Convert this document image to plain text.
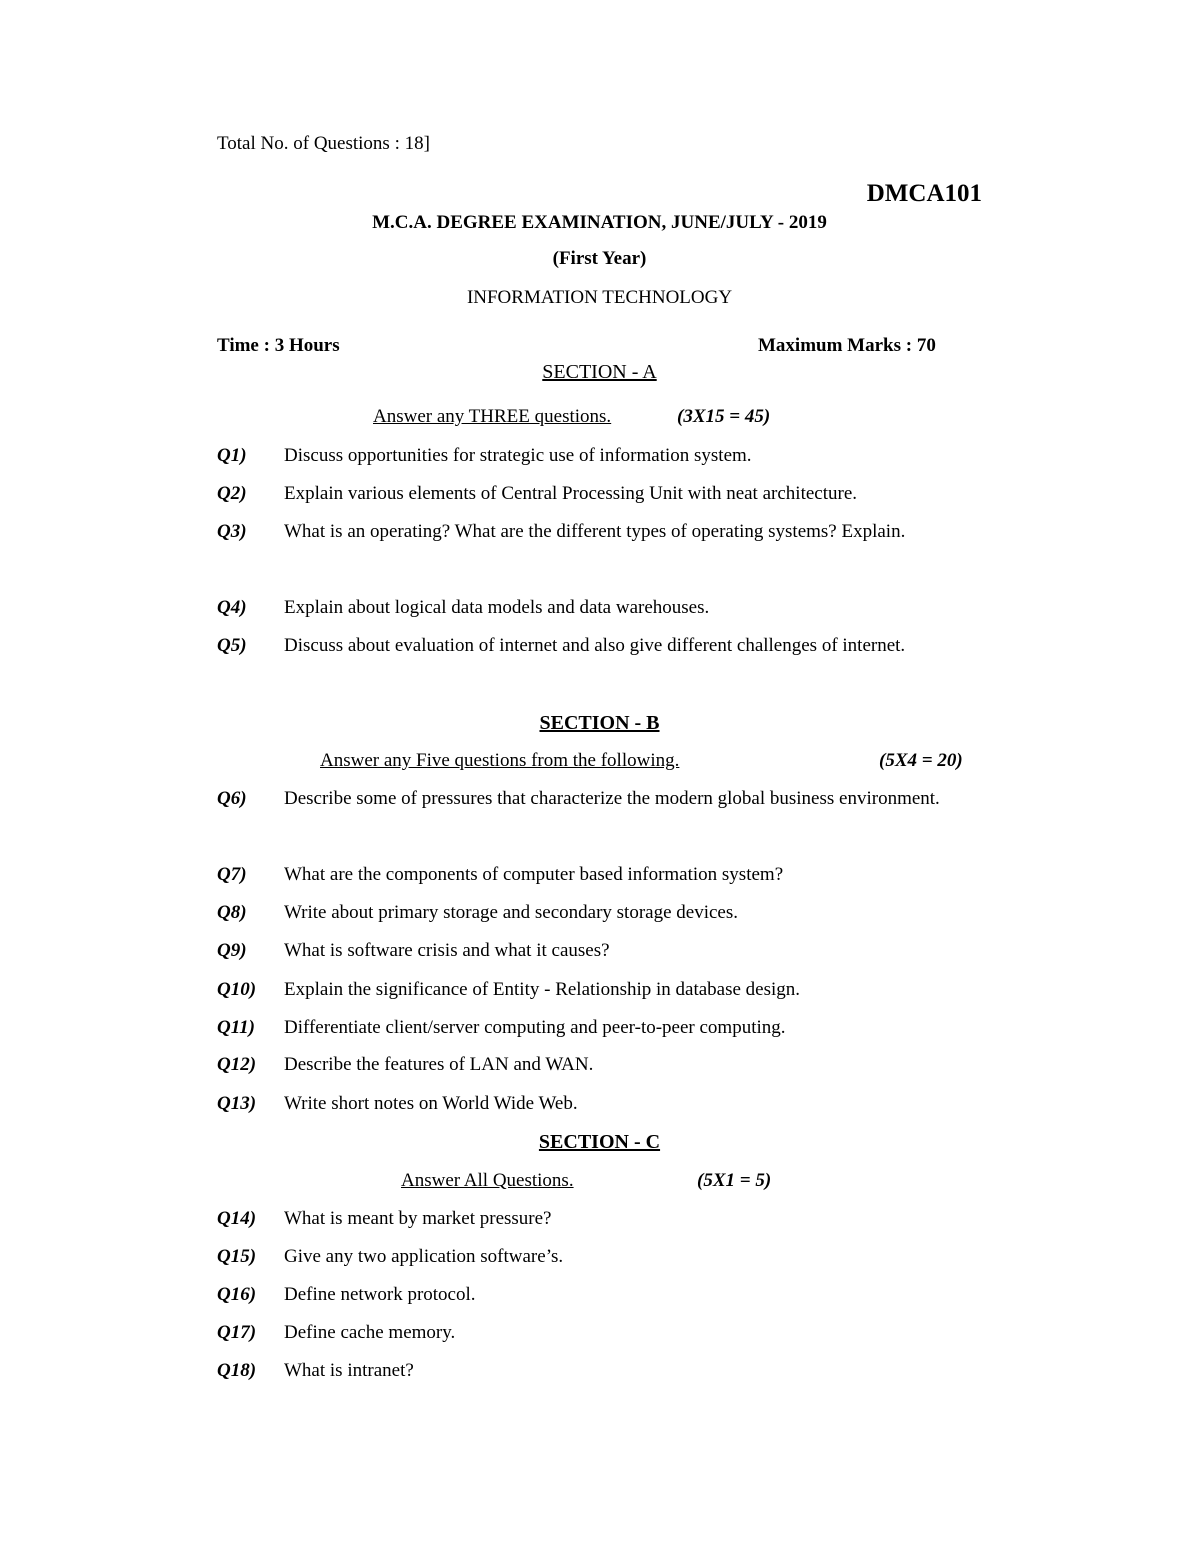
Total No. of Questions : 18]
DMCA101
M.C.A. DEGREE EXAMINATION, JUNE/JULY - 2019
(First Year)
INFORMATION TECHNOLOGY
Time : 3 Hours	Maximum Marks : 70
SECTION - A
Answer any THREE questions.	(3X15 = 45)
Q1) Discuss opportunities for strategic use of information system.
Q2) Explain various elements of Central Processing Unit with neat architecture.
Q3) What is an operating? What are the different types of operating systems? Explain.
Q4) Explain about logical data models and data warehouses.
Q5) Discuss about evaluation of internet and also give different challenges of internet.
SECTION - B
Answer any Five questions from the following.	(5X4 = 20)
Q6) Describe some of pressures that characterize the modern global business environment.
Q7) What are the components of computer based information system?
Q8) Write about primary storage and secondary storage devices.
Q9) What is software crisis and what it causes?
Q10) Explain the significance of Entity - Relationship in database design.
Q11) Differentiate client/server computing and peer-to-peer computing.
Q12) Describe the features of LAN and WAN.
Q13) Write short notes on World Wide Web.
SECTION - C
Answer All Questions.	(5X1 = 5)
Q14) What is meant by market pressure?
Q15) Give any two application software’s.
Q16) Define network protocol.
Q17) Define cache memory.
Q18) What is intranet?
